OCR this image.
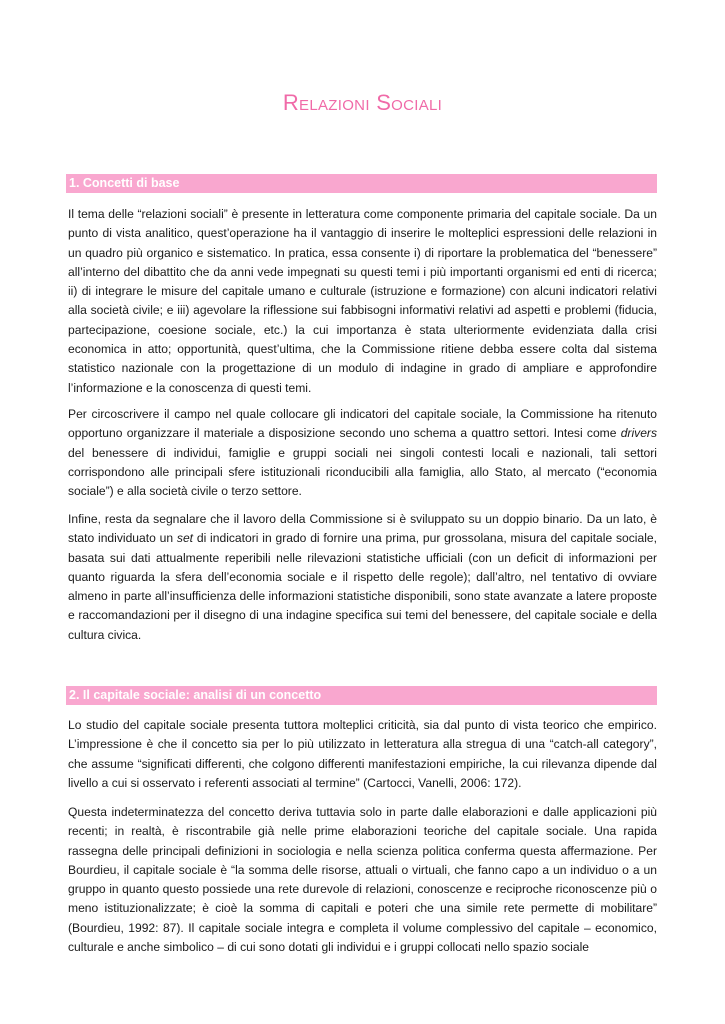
Relazioni Sociali
1. Concetti di base

Il tema delle “relazioni sociali” è presente in letteratura come componente primaria del capitale sociale. Da un punto di vista analitico, quest’operazione ha il vantaggio di inserire le molteplici espressioni delle relazioni in un quadro più organico e sistematico. In pratica, essa consente i) di riportare la problematica del “benessere” all’interno del dibattito che da anni vede impegnati su questi temi i più importanti organismi ed enti di ricerca; ii) di integrare le misure del capitale umano e culturale (istruzione e formazione) con alcuni indicatori relativi alla società civile; e iii) agevolare la riflessione sui fabbisogni informativi relativi ad aspetti e problemi (fiducia, partecipazione, coesione sociale, etc.) la cui importanza è stata ulteriormente evidenziata dalla crisi economica in atto; opportunità, quest’ultima, che la Commissione ritiene debba essere colta dal sistema statistico nazionale con la progettazione di un modulo di indagine in grado di ampliare e approfondire l’informazione e la conoscenza di questi temi.

Per circoscrivere il campo nel quale collocare gli indicatori del capitale sociale, la Commissione ha ritenuto opportuno organizzare il materiale a disposizione secondo uno schema a quattro settori. Intesi come drivers del benessere di individui, famiglie e gruppi sociali nei singoli contesti locali e nazionali, tali settori corrispondono alle principali sfere istituzionali riconducibili alla famiglia, allo Stato, al mercato (“economia sociale”) e alla società civile o terzo settore.

Infine, resta da segnalare che il lavoro della Commissione si è sviluppato su un doppio binario. Da un lato, è stato individuato un set di indicatori in grado di fornire una prima, pur grossolana, misura del capitale sociale, basata sui dati attualmente reperibili nelle rilevazioni statistiche ufficiali (con un deficit di informazioni per quanto riguarda la sfera dell’economia sociale e il rispetto delle regole); dall’altro, nel tentativo di ovviare almeno in parte all’insufficienza delle informazioni statistiche disponibili, sono state avanzate a latere proposte e raccomandazioni per il disegno di una indagine specifica sui temi del benessere, del capitale sociale e della cultura civica.

2. Il capitale sociale: analisi di un concetto

Lo studio del capitale sociale presenta tuttora molteplici criticità, sia dal punto di vista teorico che empirico. L’impressione è che il concetto sia per lo più utilizzato in letteratura alla stregua di una “catch-all category”, che assume “significati differenti, che colgono differenti manifestazioni empiriche, la cui rilevanza dipende dal livello a cui si osservato i referenti associati al termine” (Cartocci, Vanelli, 2006: 172).

Questa indeterminatezza del concetto deriva tuttavia solo in parte dalle elaborazioni e dalle applicazioni più recenti; in realtà, è riscontrabile già nelle prime elaborazioni teoriche del capitale sociale. Una rapida rassegna delle principali definizioni in sociologia e nella scienza politica conferma questa affermazione. Per Bourdieu, il capitale sociale è “la somma delle risorse, attuali o virtuali, che fanno capo a un individuo o a un gruppo in quanto questo possiede una rete durevole di relazioni, conoscenze e reciproche riconoscenze più o meno istituzionalizzate; è cioè la somma di capitali e poteri che una simile rete permette di mobilitare” (Bourdieu, 1992: 87). Il capitale sociale integra e completa il volume complessivo del capitale – economico, culturale e anche simbolico – di cui sono dotati gli individui e i gruppi collocati nello spazio sociale
